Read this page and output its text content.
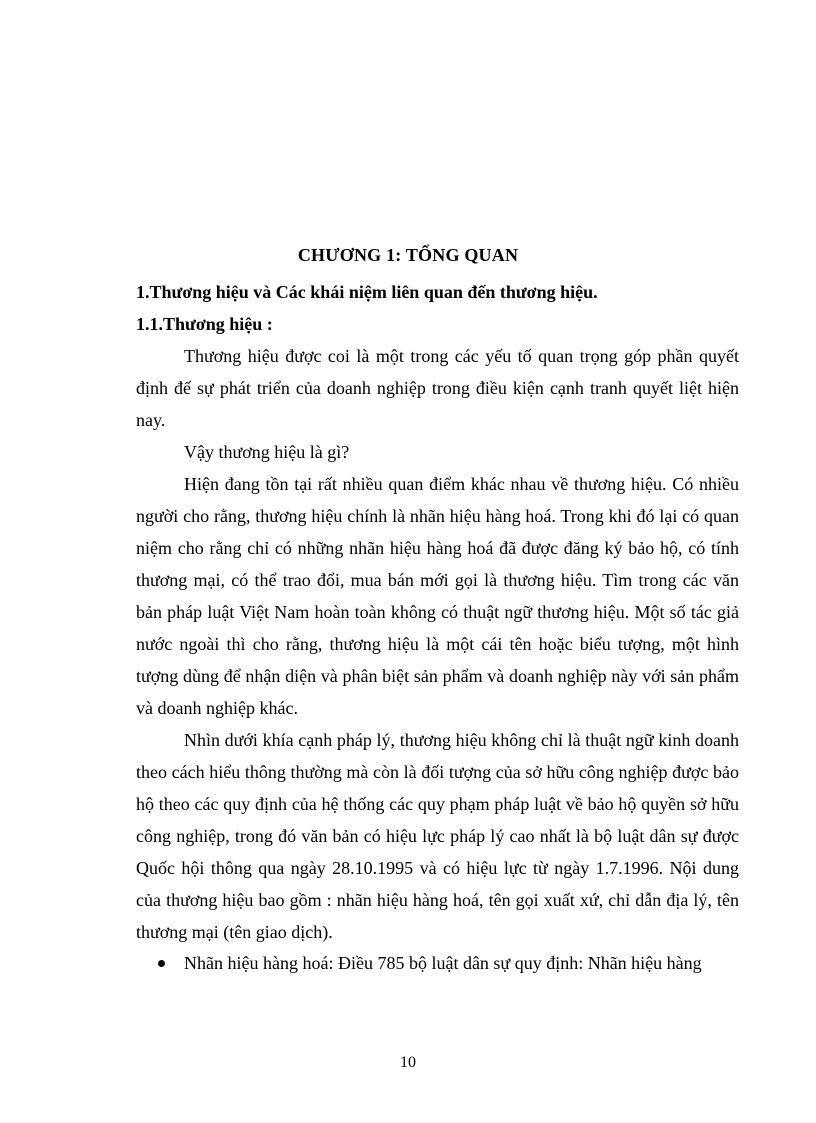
CHƯƠNG 1: TỔNG QUAN
1.Thương hiệu và Các khái niệm liên quan đến thương hiệu.
1.1.Thương hiệu :

Thương hiệu được coi là một trong các yếu tố quan trọng góp phần quyết định đế sự phát triển của doanh nghiệp trong điều kiện cạnh tranh quyết liệt hiện nay.

Vậy thương hiệu là gì?

Hiện đang tồn tại rất nhiều quan điểm khác nhau về thương hiệu. Có nhiều người cho rằng, thương hiệu chính là nhãn hiệu hàng hoá. Trong khi đó lại có quan niệm cho rằng chỉ có những nhãn hiệu hàng hoá đã được đăng ký bảo hộ, có tính thương mại, có thể trao đổi, mua bán mới gọi là thương hiệu. Tìm trong các văn bản pháp luật Việt Nam hoàn toàn không có thuật ngữ thương hiệu. Một số tác giả nước ngoài thì cho rằng, thương hiệu là một cái tên hoặc biểu tượng, một hình tượng dùng để nhận diện và phân biệt sản phẩm và doanh nghiệp này với sản phẩm và doanh nghiệp khác.

Nhìn dưới khía cạnh pháp lý, thương hiệu không chỉ là thuật ngữ kinh doanh theo cách hiểu thông thường mà còn là đối tượng của sở hữu công nghiệp được bảo hộ theo các quy định của hệ thống các quy phạm pháp luật về bảo hộ quyền sở hữu công nghiệp, trong đó văn bản có hiệu lực pháp lý cao nhất là bộ luật dân sự được Quốc hội thông qua ngày 28.10.1995 và có hiệu lực từ ngày 1.7.1996. Nội dung của thương hiệu bao gồm : nhãn hiệu hàng hoá, tên gọi xuất xứ, chỉ dẫn địa lý, tên thương mại (tên giao dịch).

Nhãn hiệu hàng hoá: Điều 785 bộ luật dân sự quy định: Nhãn hiệu hàng

10
